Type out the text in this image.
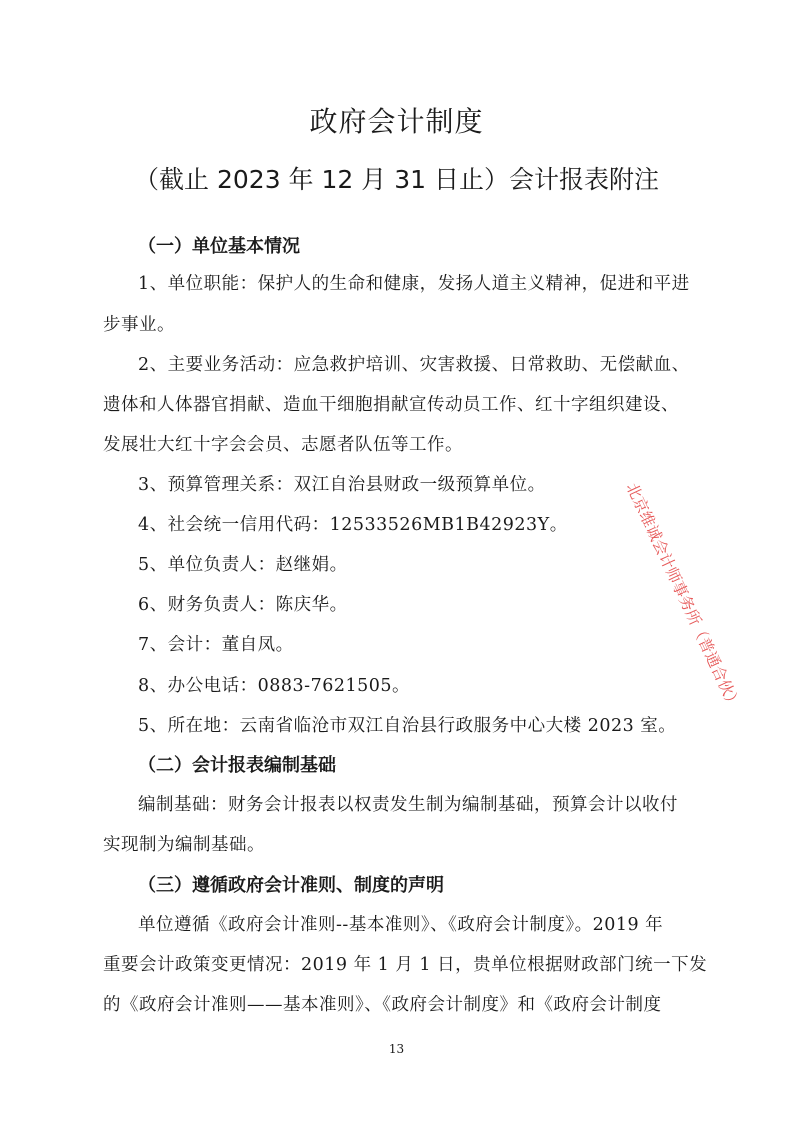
政府会计制度
（截止 2023 年 12 月 31 日止）会计报表附注
（一）单位基本情况
1、单位职能：保护人的生命和健康，发扬人道主义精神，促进和平进
步事业。
2、主要业务活动：应急救护培训、灾害救援、日常救助、无偿献血、
遗体和人体器官捐献、造血干细胞捐献宣传动员工作、红十字组织建设、
发展壮大红十字会会员、志愿者队伍等工作。
3、预算管理关系：双江自治县财政一级预算单位。
4、社会统一信用代码：12533526MB1B42923Y。
5、单位负责人：赵继娟。
6、财务负责人：陈庆华。
7、会计：董自凤。
8、办公电话：0883-7621505。
5、所在地：云南省临沧市双江自治县行政服务中心大楼 2023 室。
（二）会计报表编制基础
编制基础：财务会计报表以权责发生制为编制基础，预算会计以收付
实现制为编制基础。
（三）遵循政府会计准则、制度的声明
单位遵循《政府会计准则--基本准则》、《政府会计制度》。2019 年
重要会计政策变更情况：2019 年 1 月 1 日，贵单位根据财政部门统一下发
的《政府会计准则——基本准则》、《政府会计制度》和《政府会计制度
北京维诚会计师事务所（普通合伙）
13
